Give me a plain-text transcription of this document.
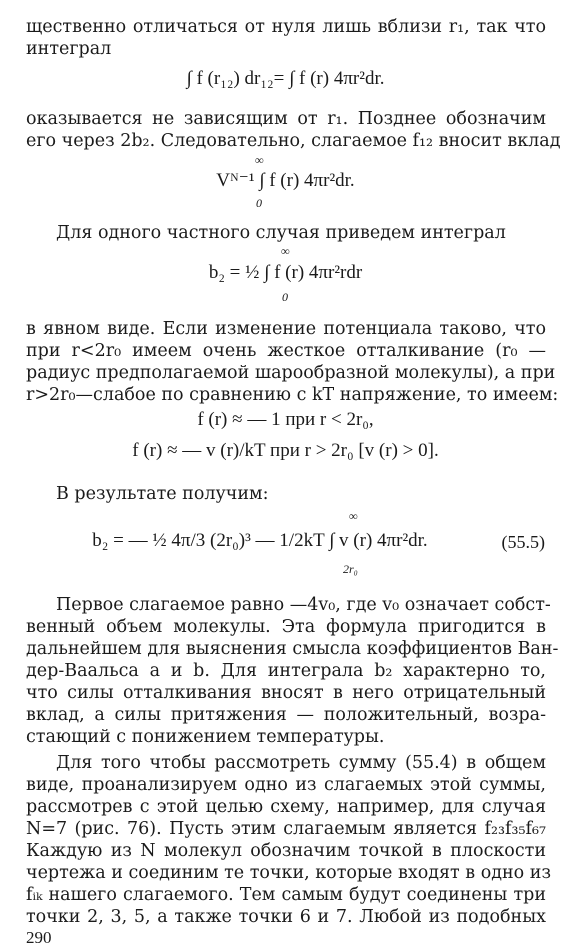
щественно отличаться от нуля лишь вблизи r₁, так что
интеграл
∫ f (r₁₂) dr₁₂= ∫ f (r) 4πr²dr.
оказывается не зависящим от r₁. Позднее обозначим
его через 2b₂. Следовательно, слагаемое f₁₂ вносит вклад
∞
Vᴺ⁻¹ ∫ f (r) 4πr²dr.
0
Для одного частного случая приведем интеграл
∞
b₂ = ½ ∫ f (r) 4πr²rdr
0
в явном виде. Если изменение потенциала таково, что
при r<2r₀ имеем очень жесткое отталкивание (r₀ —
радиус предполагаемой шарообразной молекулы), а при
r>2r₀—слабое по сравнению с kT напряжение, то имеем:
f (r) ≈ — 1 при r < 2r₀,
f (r) ≈ — v (r)/kT при r > 2r₀ [v (r) > 0].
В результате получим:
∞
b₂ = — ½ 4π/3 (2r₀)³ — 1/2kT ∫ v (r) 4πr²dr.
2r₀
(55.5)
Первое слагаемое равно —4v₀, где v₀ означает собст-
венный объем молекулы. Эта формула пригодится в
дальнейшем для выяснения смысла коэффициентов Ван-
дер-Ваальса a и b. Для интеграла b₂ характерно то,
что силы отталкивания вносят в него отрицательный
вклад, а силы притяжения — положительный, возра-
стающий с понижением температуры.
Для того чтобы рассмотреть сумму (55.4) в общем
виде, проанализируем одно из слагаемых этой суммы,
рассмотрев с этой целью схему, например, для случая
N=7 (рис. 76). Пусть этим слагаемым является f₂₃f₃₅f₆₇
Каждую из N молекул обозначим точкой в плоскости
чертежа и соединим те точки, которые входят в одно из
fᵢₖ нашего слагаемого. Тем самым будут соединены три
точки 2, 3, 5, а также точки 6 и 7. Любой из подобных
290
